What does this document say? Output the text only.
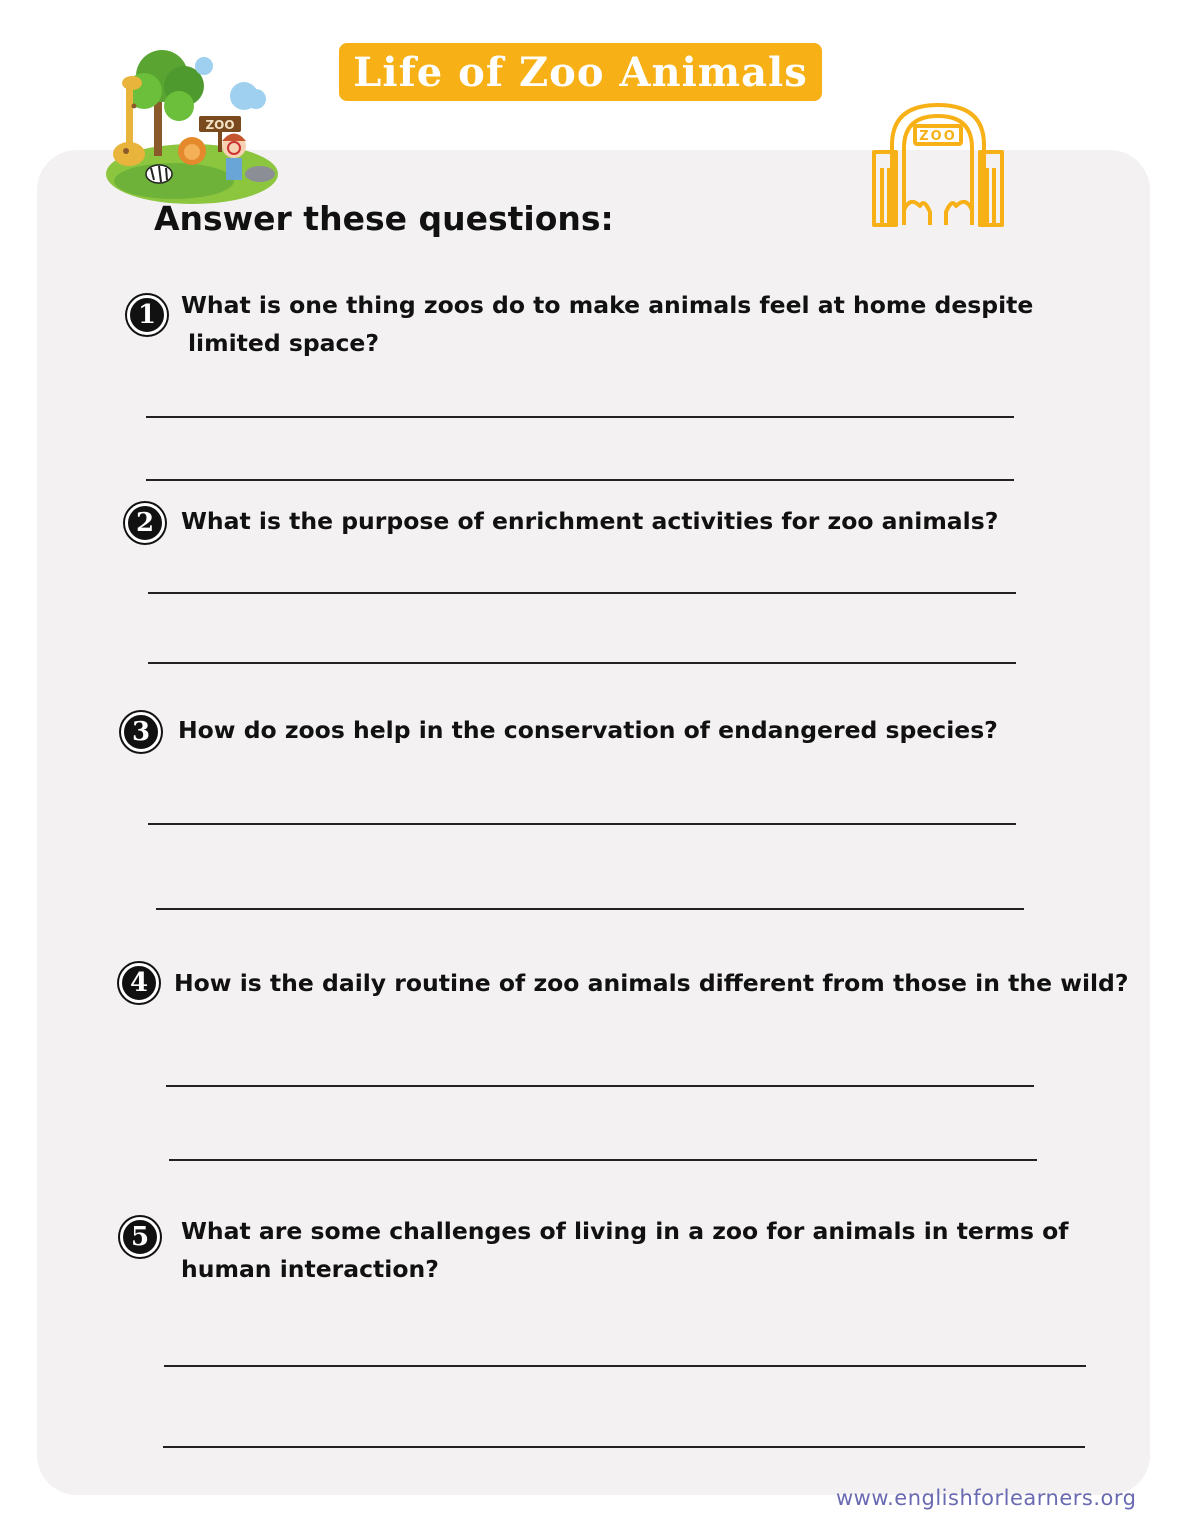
Life of Zoo Animals
ZOO
ZOO
Answer these questions:
1	What is one thing zoos do to make animals feel at home despite
limited space?
2	What is the purpose of enrichment activities for zoo animals?
3	How do zoos help in the conservation of endangered species?
4	How is the daily routine of zoo animals different from those in the wild?
5	What are some challenges of living in a zoo for animals in terms of
human interaction?
www.englishforlearners.org
